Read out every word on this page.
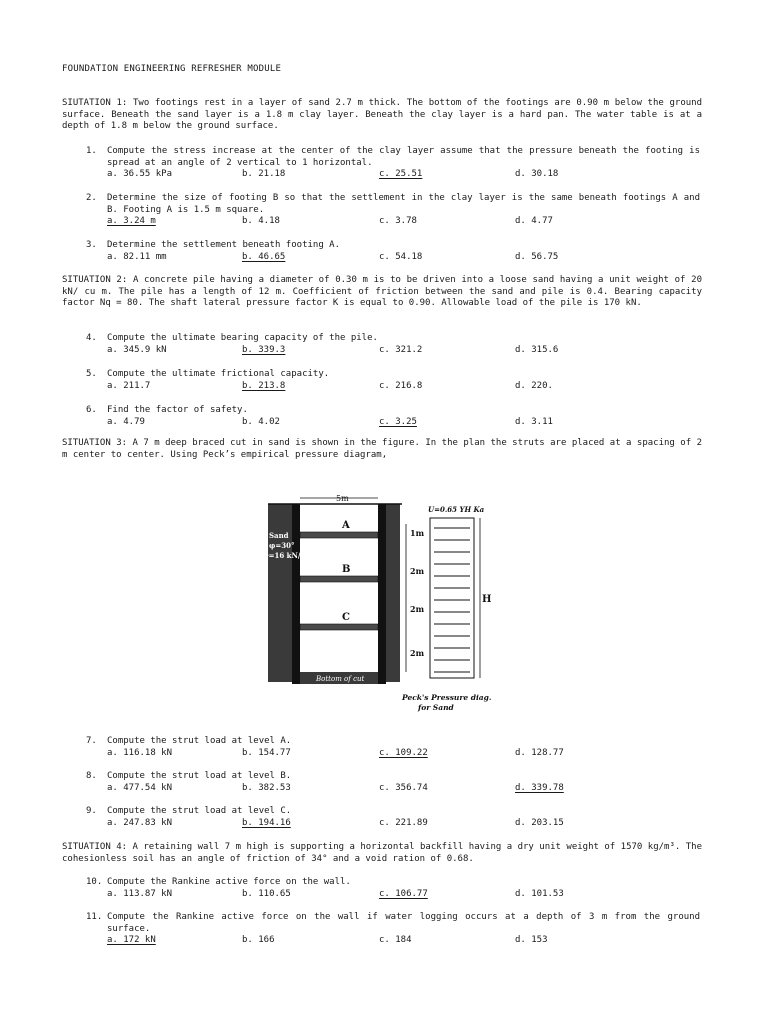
FOUNDATION ENGINEERING REFRESHER MODULE
SIUTATION 1: Two footings rest in a layer of sand 2.7 m thick. The bottom of the footings are 0.90 m below the ground surface. Beneath the sand layer is a 1.8 m clay layer. Beneath the clay layer is a hard pan. The water table is at a depth of 1.8 m below the ground surface.
1. Compute the stress increase at the center of the clay layer assume that the pressure beneath the footing is spread at an angle of 2 vertical to 1 horizontal.
a. 36.55 kPa	b. 21.18	c. 25.51	d. 30.18
2. Determine the size of footing B so that the settlement in the clay layer is the same beneath footings A and B. Footing A is 1.5 m square.
a. 3.24 m	b. 4.18	c. 3.78	d. 4.77
3. Determine the settlement beneath footing A.
a. 82.11 mm	b. 46.65	c. 54.18	d. 56.75
SITUATION 2: A concrete pile having a diameter of 0.30 m is to be driven into a loose sand having a unit weight of 20 kN/ cu m. The pile has a length of 12 m. Coefficient of friction between the sand and pile is 0.4. Bearing capacity factor Nq = 80. The shaft lateral pressure factor K is equal to 0.90. Allowable load of the pile is 170 kN.
4. Compute the ultimate bearing capacity of the pile.
a. 345.9 kN	b. 339.3	c. 321.2	d. 315.6
5. Compute the ultimate frictional capacity.
a. 211.7	b. 213.8	c. 216.8	d. 220.
6. Find the factor of safety.
a. 4.79	b. 4.02	c. 3.25	d. 3.11
SITUATION 3: A 7 m deep braced cut in sand is shown in the figure. In the plan the struts are placed at a spacing of 2 m center to center. Using Peck’s empirical pressure diagram,
5m
A
B
C
Sand
φ=30°
γ=16 kN/m³
1m
2m
2m
2m
Bottom of cut
U=0.65 YH Ka
H
Peck's Pressure diag.
for Sand
7. Compute the strut load at level A.
a. 116.18 kN	b. 154.77	c. 109.22	d. 128.77
8. Compute the strut load at level B.
a. 477.54 kN	b. 382.53	c. 356.74	d. 339.78
9. Compute the strut load at level C.
a. 247.83 kN	b. 194.16	c. 221.89	d. 203.15
SITUATION 4: A retaining wall 7 m high is supporting a horizontal backfill having a dry unit weight of 1570 kg/m³. The cohesionless soil has an angle of friction of 34° and a void ration of 0.68.
10. Compute the Rankine active force on the wall.
a. 113.87 kN	b. 110.65	c. 106.77	d. 101.53
11. Compute the Rankine active force on the wall if water logging occurs at a depth of 3 m from the ground surface.
a. 172 kN	b. 166	c. 184	d. 153
